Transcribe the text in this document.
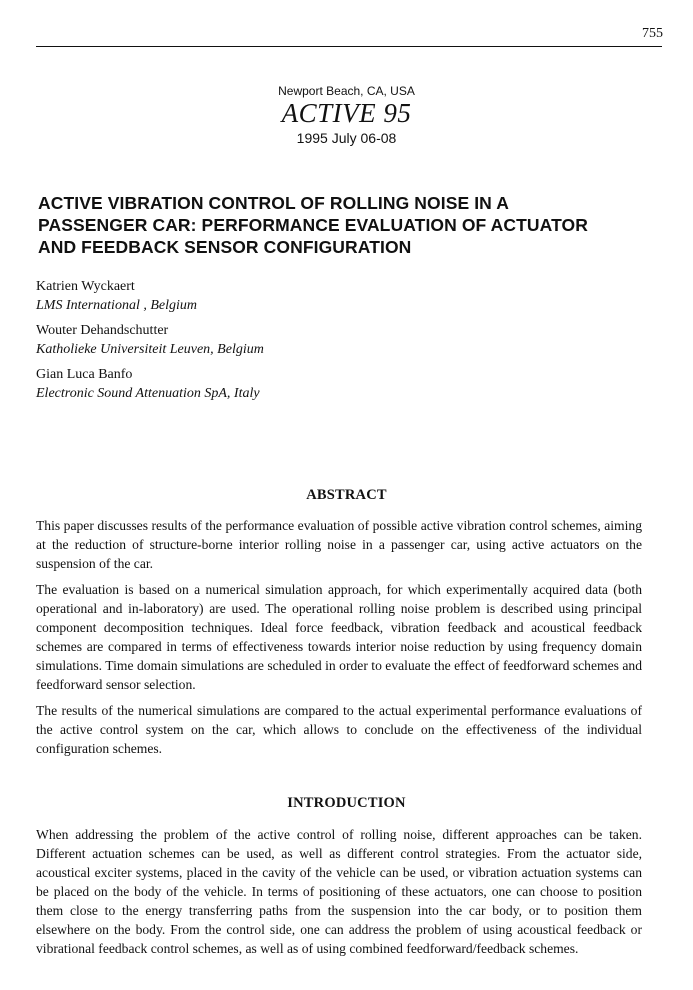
755
Newport Beach, CA, USA
ACTIVE 95
1995 July 06-08
ACTIVE VIBRATION CONTROL OF ROLLING NOISE IN A
PASSENGER CAR: PERFORMANCE EVALUATION OF ACTUATOR
AND FEEDBACK SENSOR CONFIGURATION
Katrien Wyckaert
LMS International , Belgium
Wouter Dehandschutter
Katholieke Universiteit Leuven, Belgium
Gian Luca Banfo
Electronic Sound Attenuation SpA, Italy
ABSTRACT

This paper discusses results of the performance evaluation of possible active vibration control schemes, aiming at the reduction of structure-borne interior rolling noise in a passenger car, using active actuators on the suspension of the car.

The evaluation is based on a numerical simulation approach, for which experimentally acquired data (both operational and in-laboratory) are used. The operational rolling noise problem is described using principal component decomposition techniques. Ideal force feedback, vibration feedback and acoustical feedback schemes are compared in terms of effectiveness towards interior noise reduction by using frequency domain simulations. Time domain simulations are scheduled in order to evaluate the effect of feedforward schemes and feedforward sensor selection.

The results of the numerical simulations are compared to the actual experimental performance evaluations of the active control system on the car, which allows to conclude on the effectiveness of the individual configuration schemes.

INTRODUCTION

When addressing the problem of the active control of rolling noise, different approaches can be taken. Different actuation schemes can be used, as well as different control strategies. From the actuator side, acoustical exciter systems, placed in the cavity of the vehicle can be used, or vibration actuation systems can be placed on the body of the vehicle. In terms of positioning of these actuators, one can choose to position them close to the energy transferring paths from the suspension into the car body, or to position them elsewhere on the body. From the control side, one can address the problem of using acoustical feedback or vibrational feedback control schemes, as well as of using combined feedforward/feedback schemes.
